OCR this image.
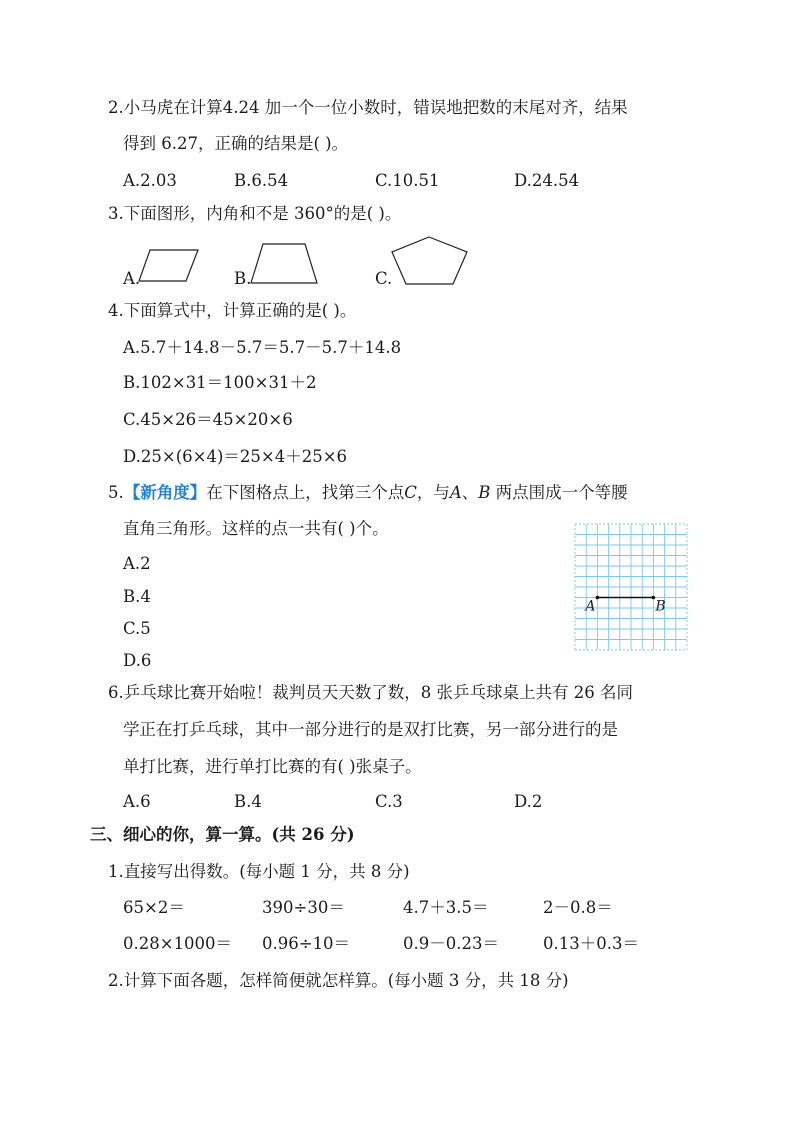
2.小马虎在计算4.24 加一个一位小数时，错误地把数的末尾对齐，结果
得到 6.27，正确的结果是( )。
A.2.03	B.6.54	C.10.51	D.24.54
3.下面图形，内角和不是 360°的是( )。
A.	B.	C.
4.下面算式中，计算正确的是( )。
A.5.7＋14.8－5.7＝5.7－5.7＋14.8
B.102×31＝100×31＋2
C.45×26＝45×20×6
D.25×(6×4)＝25×4＋25×6
5.【新角度】在下图格点上，找第三个点C，与A、B 两点围成一个等腰
直角三角形。这样的点一共有( )个。
A.2
B.4
C.5
D.6
A	B
6.乒乓球比赛开始啦！裁判员天天数了数，8 张乒乓球桌上共有 26 名同
学正在打乒乓球，其中一部分进行的是双打比赛，另一部分进行的是
单打比赛，进行单打比赛的有( )张桌子。
A.6	B.4	C.3	D.2
三、细心的你，算一算。(共 26 分)
1.直接写出得数。(每小题 1 分，共 8 分)
65×2＝	390÷30＝	4.7＋3.5＝	2－0.8＝
0.28×1000＝ 0.96÷10＝	0.9－0.23＝	0.13＋0.3＝
2.计算下面各题，怎样简便就怎样算。(每小题 3 分，共 18 分)
